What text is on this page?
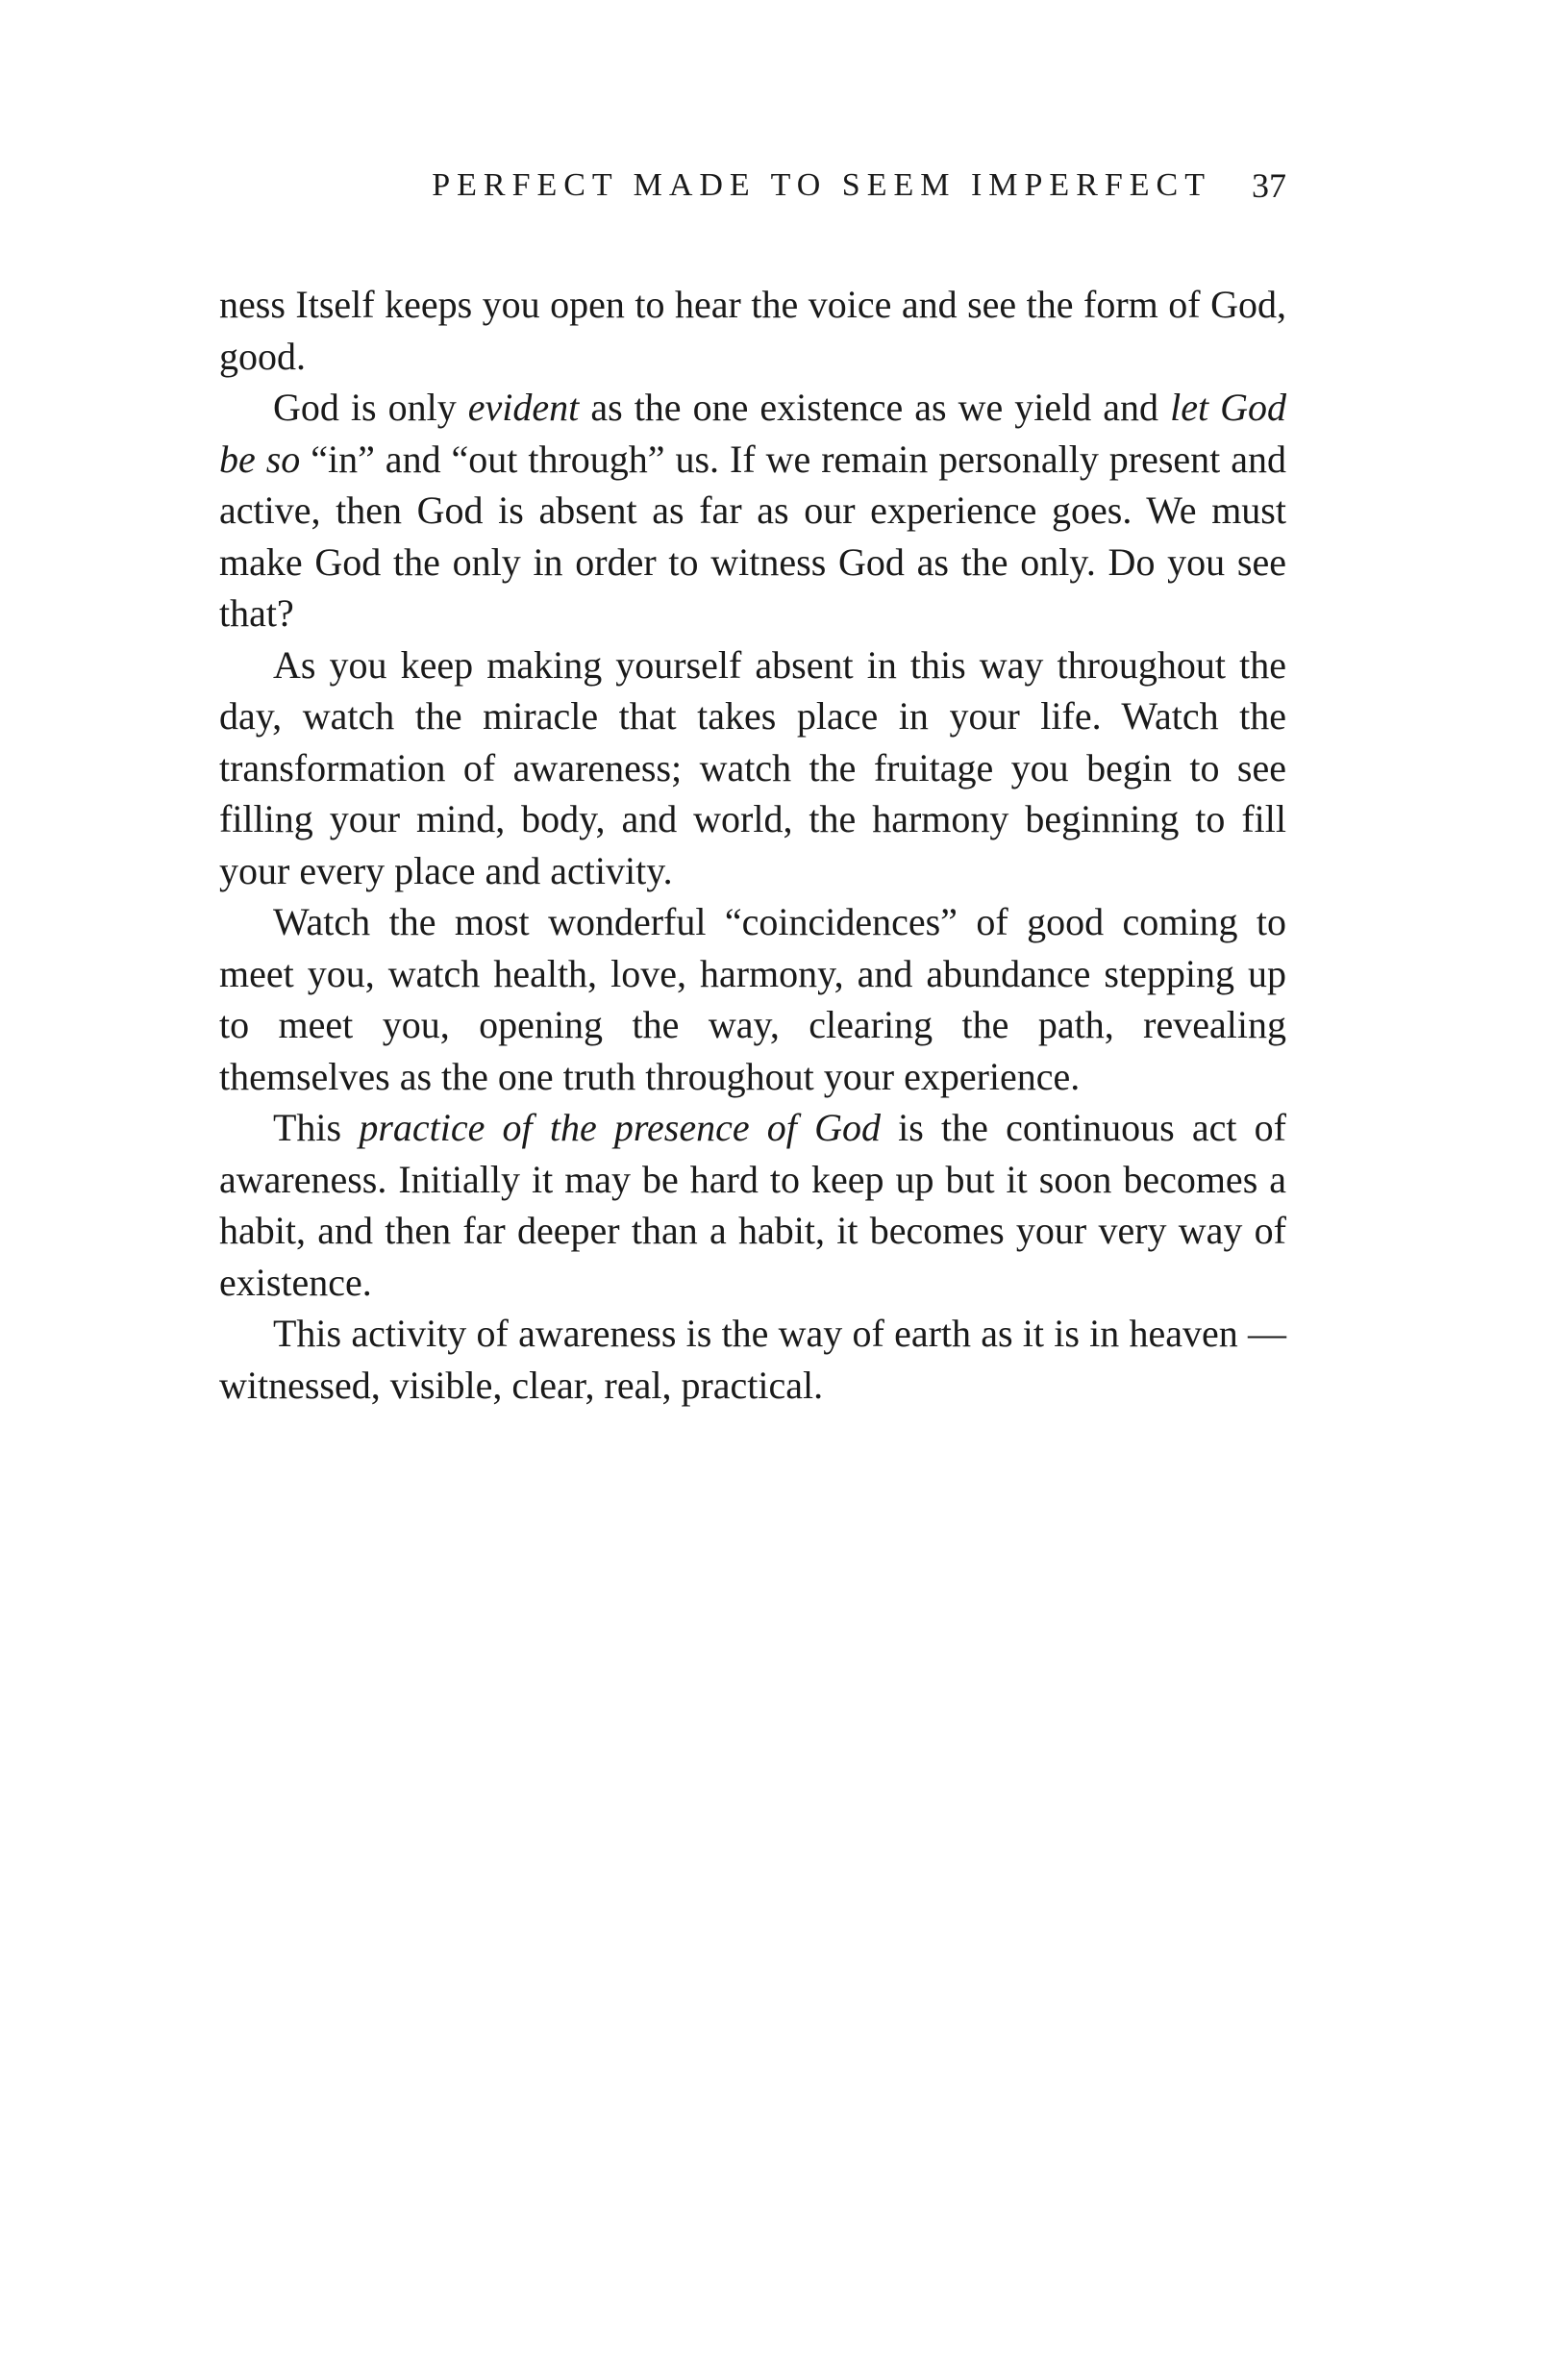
PERFECT MADE TO SEEM IMPERFECT 37

ness Itself keeps you open to hear the voice and see the form of God, good.

God is only evident as the one existence as we yield and let God be so “in” and “out through” us. If we remain personally present and active, then God is absent as far as our experience goes. We must make God the only in order to witness God as the only. Do you see that?

As you keep making yourself absent in this way throughout the day, watch the miracle that takes place in your life. Watch the transformation of awareness; watch the fruitage you begin to see filling your mind, body, and world, the harmony beginning to fill your every place and activity.

Watch the most wonderful “coincidences” of good coming to meet you, watch health, love, harmony, and abundance stepping up to meet you, opening the way, clearing the path, revealing themselves as the one truth throughout your experience.

This practice of the presence of God is the continuous act of awareness. Initially it may be hard to keep up but it soon becomes a habit, and then far deeper than a habit, it becomes your very way of existence.

This activity of awareness is the way of earth as it is in heaven — witnessed, visible, clear, real, practical.
